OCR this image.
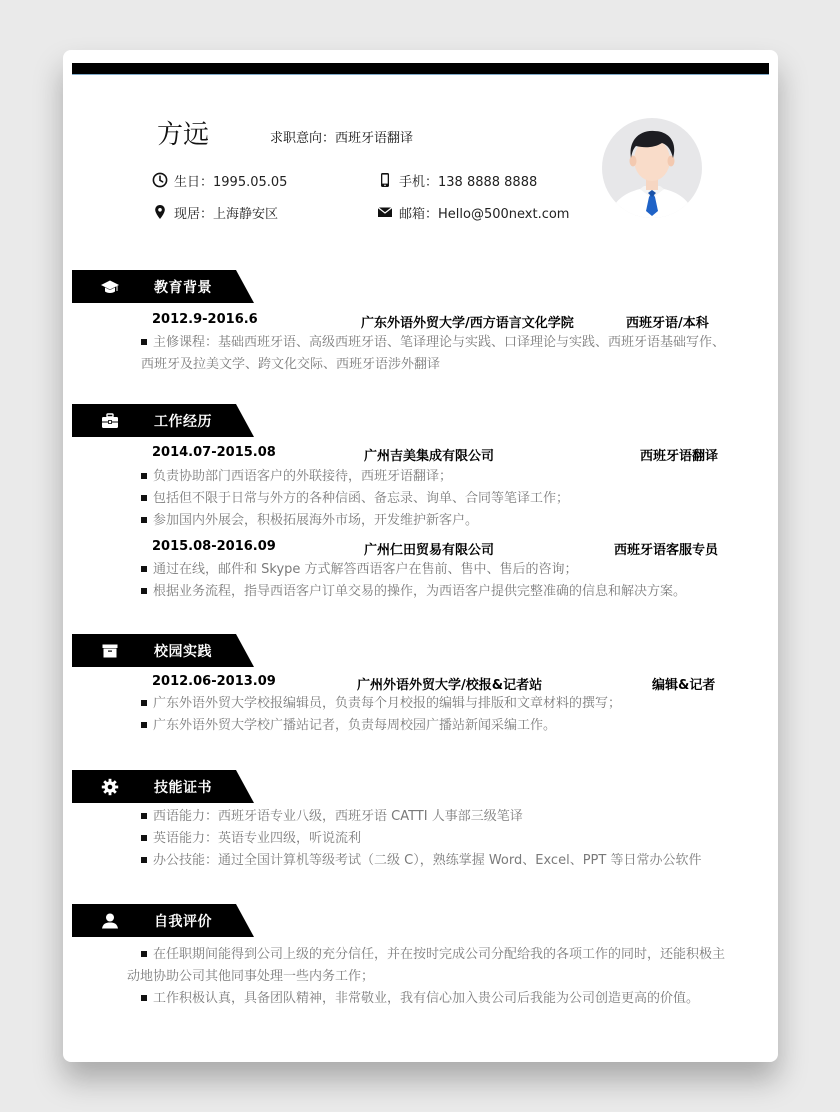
方远	求职意向：西班牙语翻译
生日：1995.05.05
现居：上海静安区
手机：138 8888 8888
邮箱：Hello@500next.com
教育背景
2012.9-2016.6	广东外语外贸大学/西方语言文化学院	西班牙语/本科
主修课程：基础西班牙语、高级西班牙语、笔译理论与实践、口译理论与实践、西班牙语基础写作、
西班牙及拉美文学、跨文化交际、西班牙语涉外翻译
工作经历
2014.07-2015.08	广州吉美集成有限公司	西班牙语翻译
负责协助部门西语客户的外联接待，西班牙语翻译；
包括但不限于日常与外方的各种信函、备忘录、询单、合同等笔译工作；
参加国内外展会，积极拓展海外市场，开发维护新客户。
2015.08-2016.09	广州仁田贸易有限公司	西班牙语客服专员
通过在线，邮件和 Skype 方式解答西语客户在售前、售中、售后的咨询；
根据业务流程，指导西语客户订单交易的操作，为西语客户提供完整准确的信息和解决方案。
校园实践
2012.06-2013.09	广州外语外贸大学/校报&记者站	编辑&记者
广东外语外贸大学校报编辑员，负责每个月校报的编辑与排版和文章材料的撰写；
广东外语外贸大学校广播站记者，负责每周校园广播站新闻采编工作。
技能证书
西语能力：西班牙语专业八级，西班牙语 CATTI 人事部三级笔译
英语能力：英语专业四级，听说流利
办公技能：通过全国计算机等级考试（二级 C），熟练掌握 Word、Excel、PPT 等日常办公软件
自我评价
在任职期间能得到公司上级的充分信任，并在按时完成公司分配给我的各项工作的同时，还能积极主
动地协助公司其他同事处理一些内务工作；
工作积极认真，具备团队精神，非常敬业，我有信心加入贵公司后我能为公司创造更高的价值。
